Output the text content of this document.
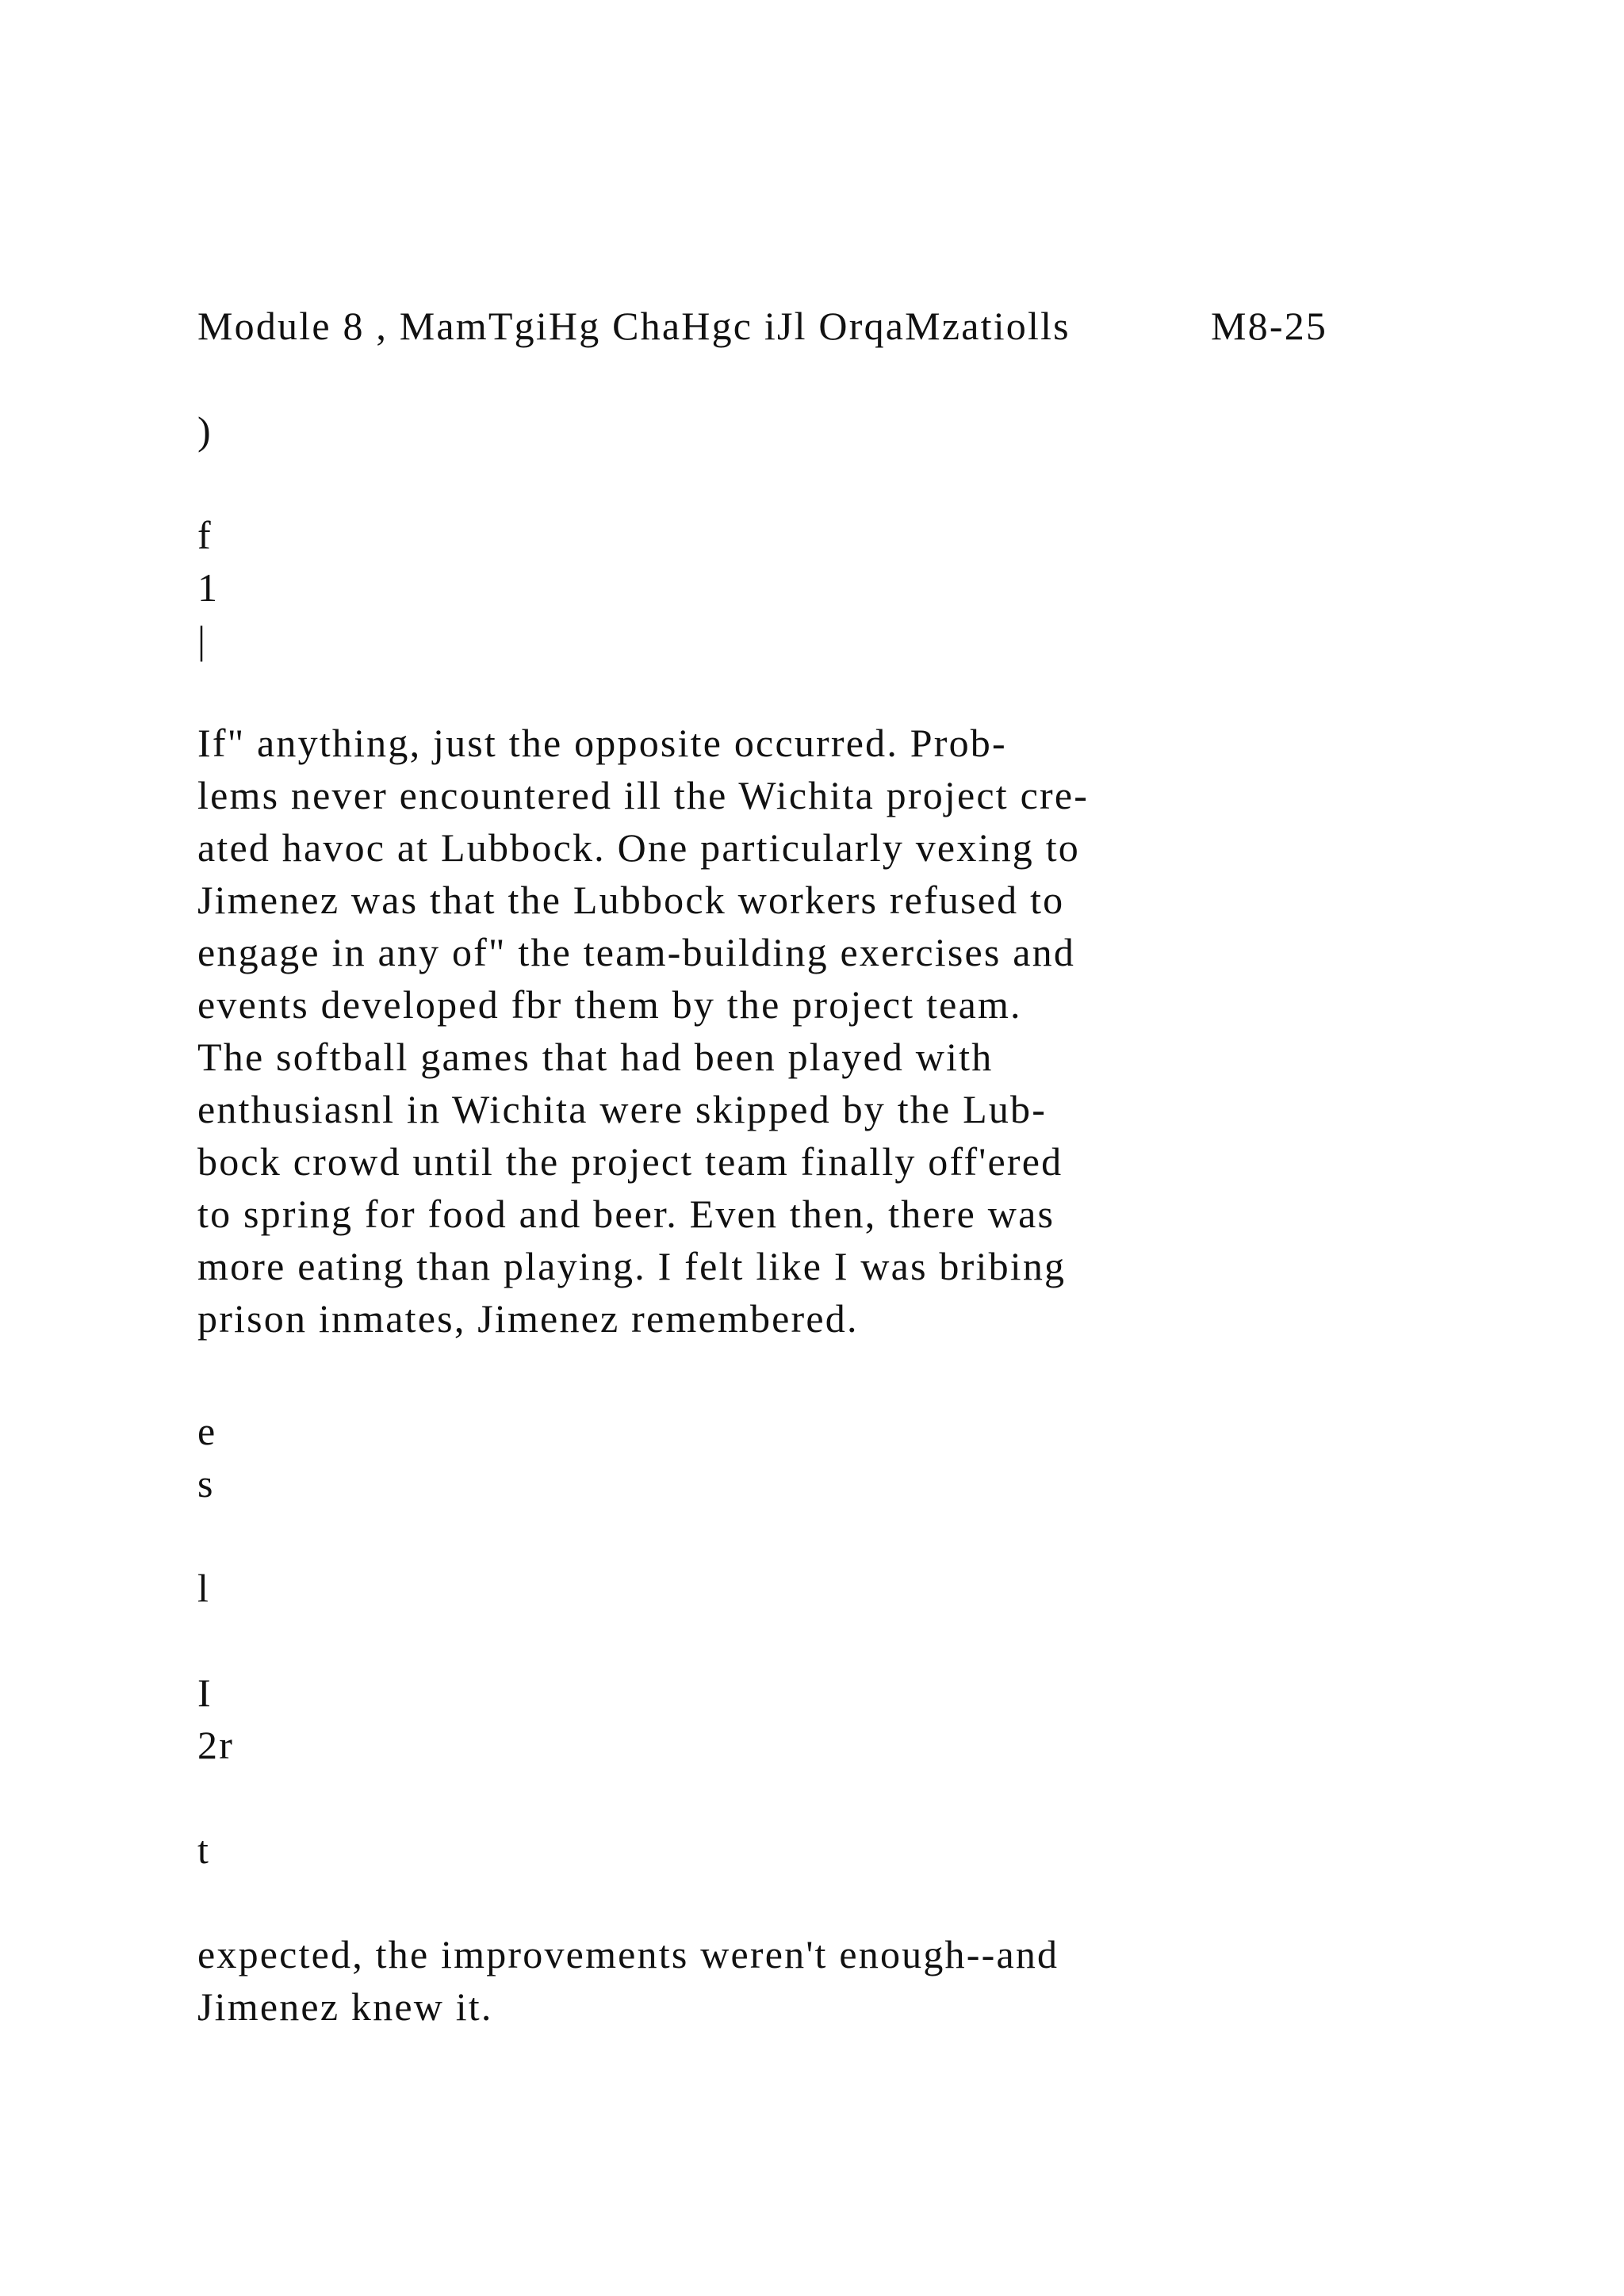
Module 8 , MamTgiHg ChaHgc iJl OrqaMzatiolls

	M8-25

)
f
1
|
If" anything, just the opposite occurred. Prob-
lems never encountered ill the Wichita project cre-
ated havoc at Lubbock. One particularly vexing to
Jimenez was that the Lubbock workers refused to
engage in any of" the team-building exercises and
events developed fbr them by the project team.
The softball games that had been played with
enthusiasnl in Wichita were skipped by the Lub-
bock crowd until the project team finally off'ered
to spring for food and beer. Even then, there was
more eating than playing. I felt like I was bribing
prison inmates, Jimenez remembered.
e
s
l
I
2r
t
expected, the improvements weren't enough--and
Jimenez knew it.
